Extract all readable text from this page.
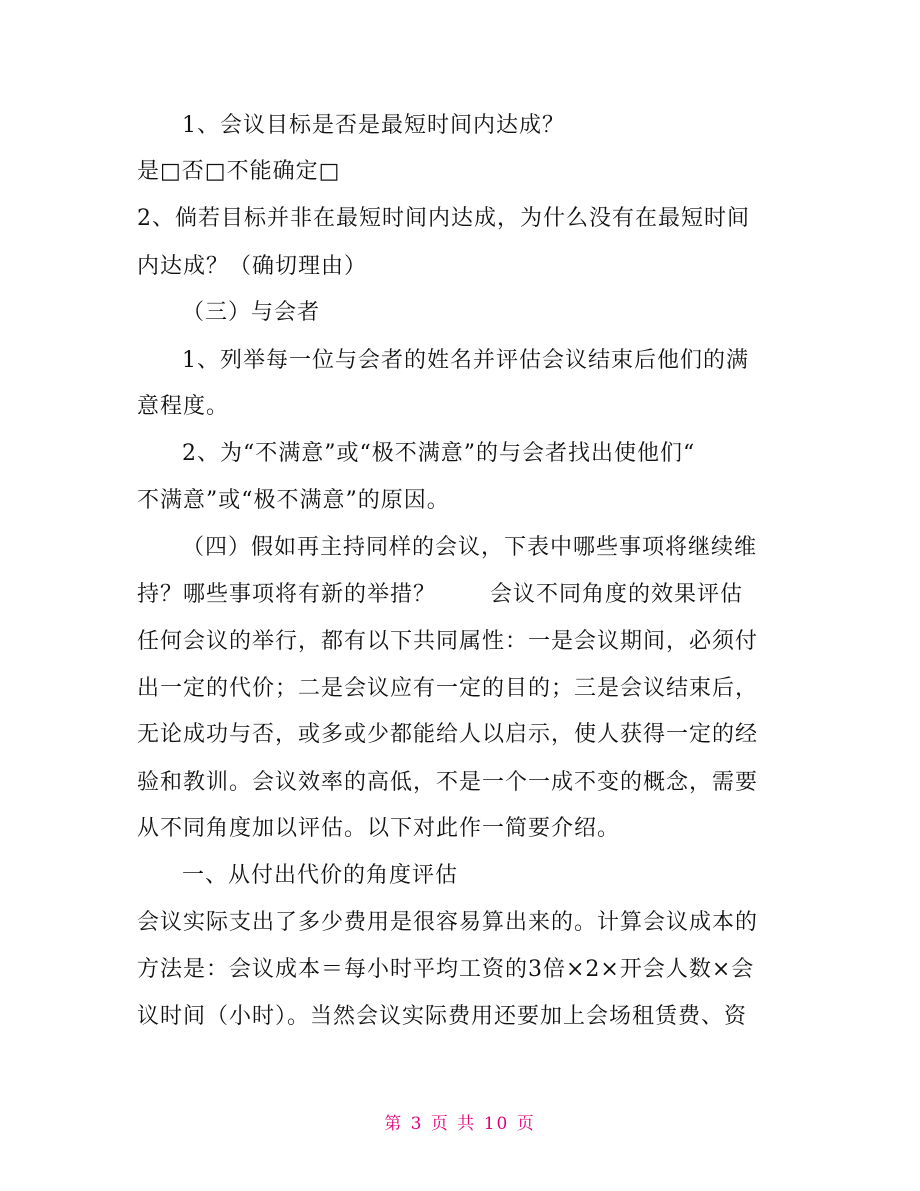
1、会议目标是否是最短时间内达成？
是□否□不能确定□
2、倘若目标并非在最短时间内达成，为什么没有在最短时间
内达成？（确切理由）
（三）与会者
1、列举每一位与会者的姓名并评估会议结束后他们的满
意程度。
2、为“不满意”或“极不满意”的与会者找出使他们“
不满意”或“极不满意”的原因。
（四）假如再主持同样的会议，下表中哪些事项将继续维
持？哪些事项将有新的举措？　　 会议不同角度的效果评估
任何会议的举行，都有以下共同属性：一是会议期间，必须付
出一定的代价；二是会议应有一定的目的；三是会议结束后，
无论成功与否，或多或少都能给人以启示，使人获得一定的经
验和教训。会议效率的高低，不是一个一成不变的概念，需要
从不同角度加以评估。以下对此作一简要介绍。
一、从付出代价的角度评估
会议实际支出了多少费用是很容易算出来的。计算会议成本的
方法是：会议成本＝每小时平均工资的3倍×2×开会人数×会
议时间（小时）。当然会议实际费用还要加上会场租赁费、资
第 3 页 共 10 页
